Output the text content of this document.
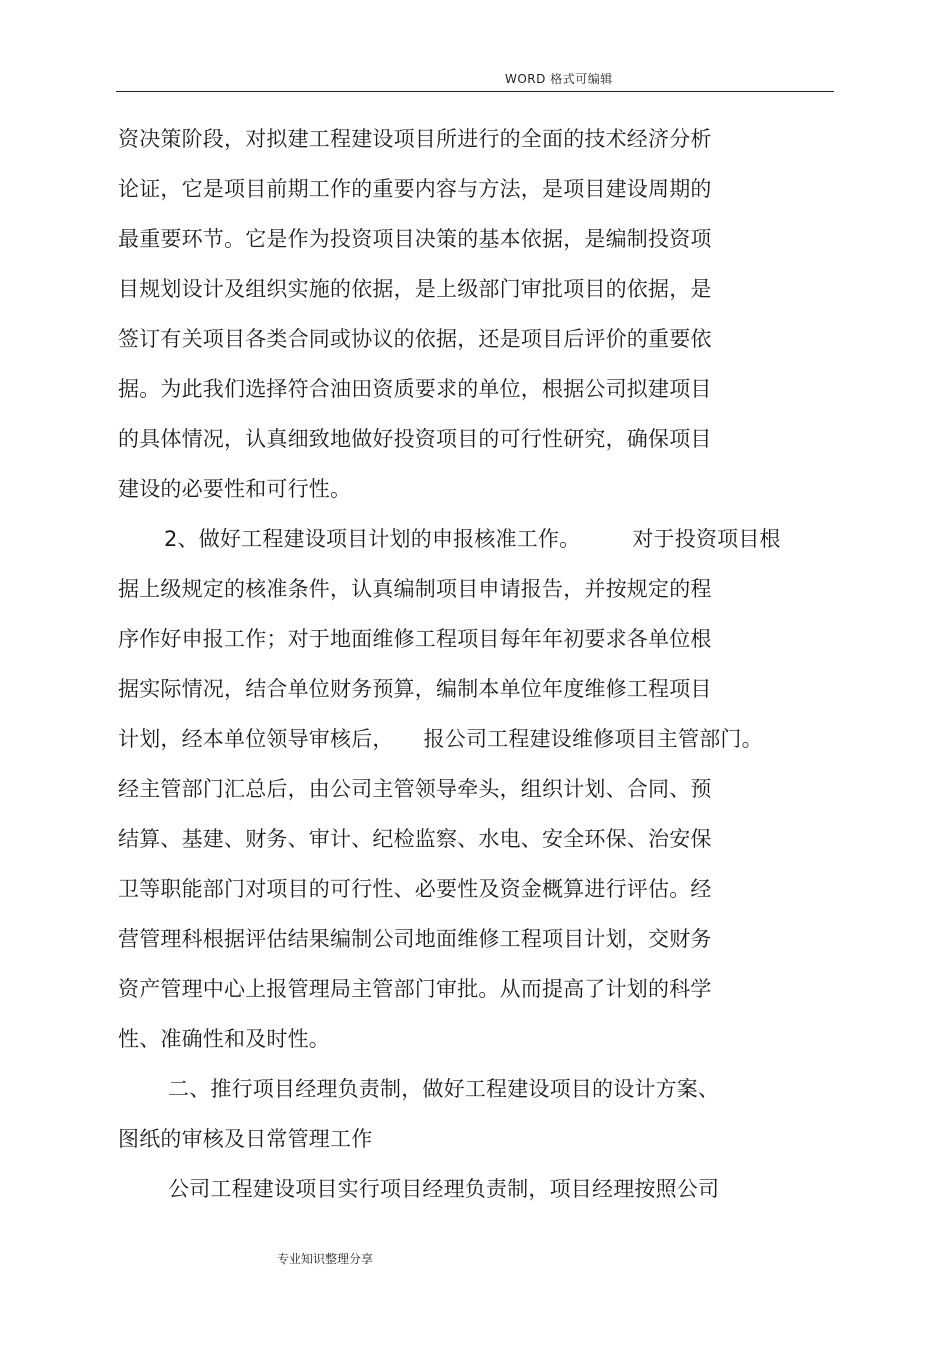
WORD 格式可编辑
资决策阶段，对拟建工程建设项目所进行的全面的技术经济分析
论证，它是项目前期工作的重要内容与方法，是项目建设周期的
最重要环节。它是作为投资项目决策的基本依据，是编制投资项
目规划设计及组织实施的依据，是上级部门审批项目的依据，是
签订有关项目各类合同或协议的依据，还是项目后评价的重要依
据。为此我们选择符合油田资质要求的单位，根据公司拟建项目
的具体情况，认真细致地做好投资项目的可行性研究，确保项目
建设的必要性和可行性。
2、做好工程建设项目计划的申报核准工作。 对于投资项目根
据上级规定的核准条件，认真编制项目申请报告，并按规定的程
序作好申报工作；对于地面维修工程项目每年年初要求各单位根
据实际情况，结合单位财务预算，编制本单位年度维修工程项目
计划，经本单位领导审核后， 报公司工程建设维修项目主管部门。
经主管部门汇总后，由公司主管领导牵头，组织计划、合同、预
结算、基建、财务、审计、纪检监察、水电、安全环保、治安保
卫等职能部门对项目的可行性、必要性及资金概算进行评估。经
营管理科根据评估结果编制公司地面维修工程项目计划，交财务
资产管理中心上报管理局主管部门审批。从而提高了计划的科学
性、准确性和及时性。
二、推行项目经理负责制，做好工程建设项目的设计方案、
图纸的审核及日常管理工作
公司工程建设项目实行项目经理负责制，项目经理按照公司
专业知识整理分享
